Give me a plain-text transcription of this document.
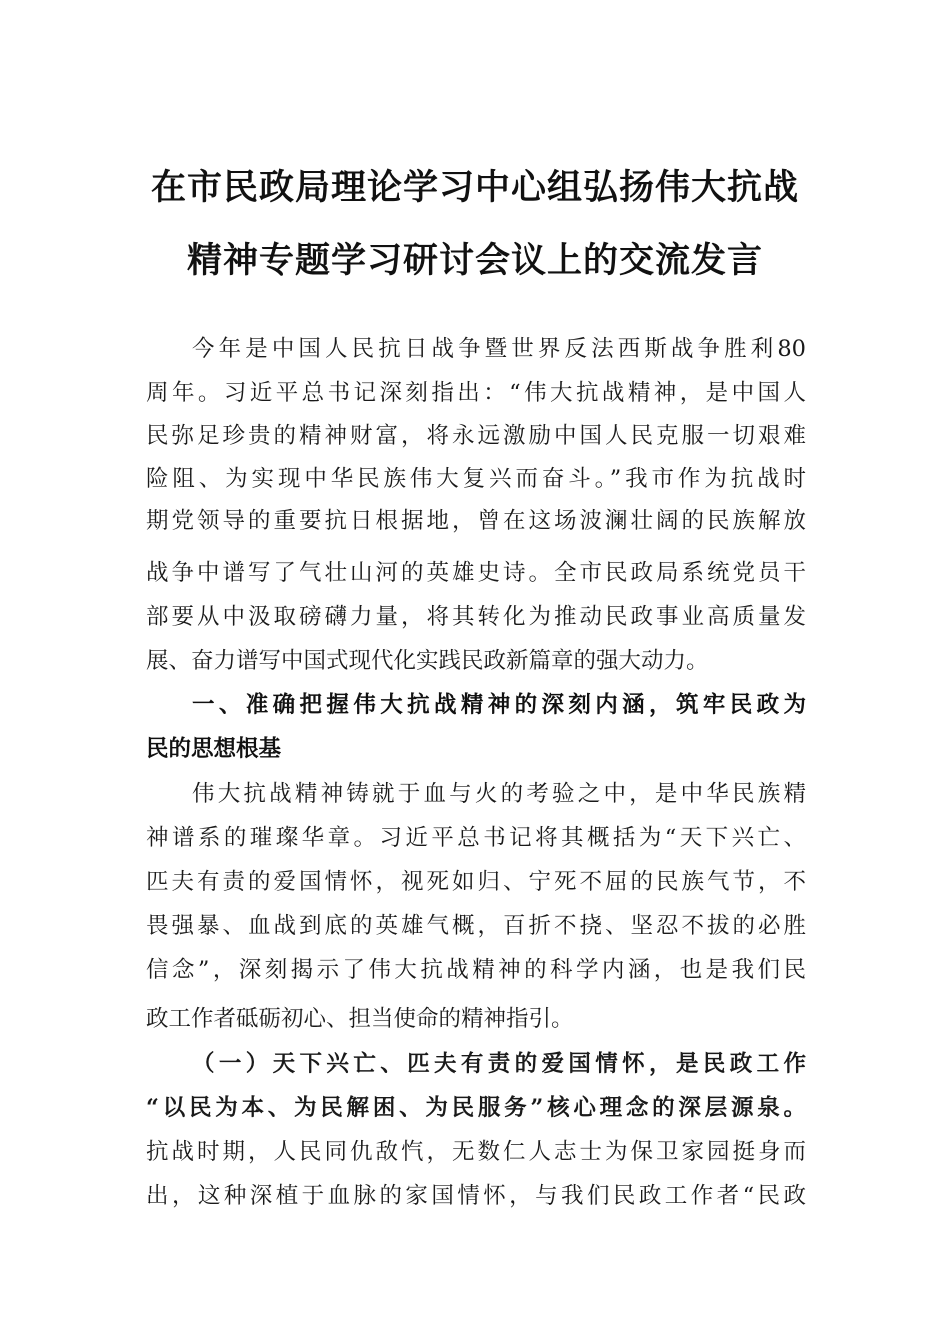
在市民政局理论学习中心组弘扬伟大抗战
精神专题学习研讨会议上的交流发言
今年是中国人民抗日战争暨世界反法西斯战争胜利80
周年。习近平总书记深刻指出：“伟大抗战精神，是中国人
民弥足珍贵的精神财富，将永远激励中国人民克服一切艰难
险阻、为实现中华民族伟大复兴而奋斗。”我市作为抗战时
期党领导的重要抗日根据地，曾在这场波澜壮阔的民族解放
战争中谱写了气壮山河的英雄史诗。全市民政局系统党员干
部要从中汲取磅礴力量，将其转化为推动民政事业高质量发
展、奋力谱写中国式现代化实践民政新篇章的强大动力。
一、准确把握伟大抗战精神的深刻内涵，筑牢民政为
民的思想根基
伟大抗战精神铸就于血与火的考验之中，是中华民族精
神谱系的璀璨华章。习近平总书记将其概括为“天下兴亡、
匹夫有责的爱国情怀，视死如归、宁死不屈的民族气节，不
畏强暴、血战到底的英雄气概，百折不挠、坚忍不拔的必胜
信念”，深刻揭示了伟大抗战精神的科学内涵，也是我们民
政工作者砥砺初心、担当使命的精神指引。
（一）天下兴亡、匹夫有责的爱国情怀，是民政工作
“以民为本、为民解困、为民服务”核心理念的深层源泉。
抗战时期，人民同仇敌忾，无数仁人志士为保卫家园挺身而
出，这种深植于血脉的家国情怀，与我们民政工作者“民政
